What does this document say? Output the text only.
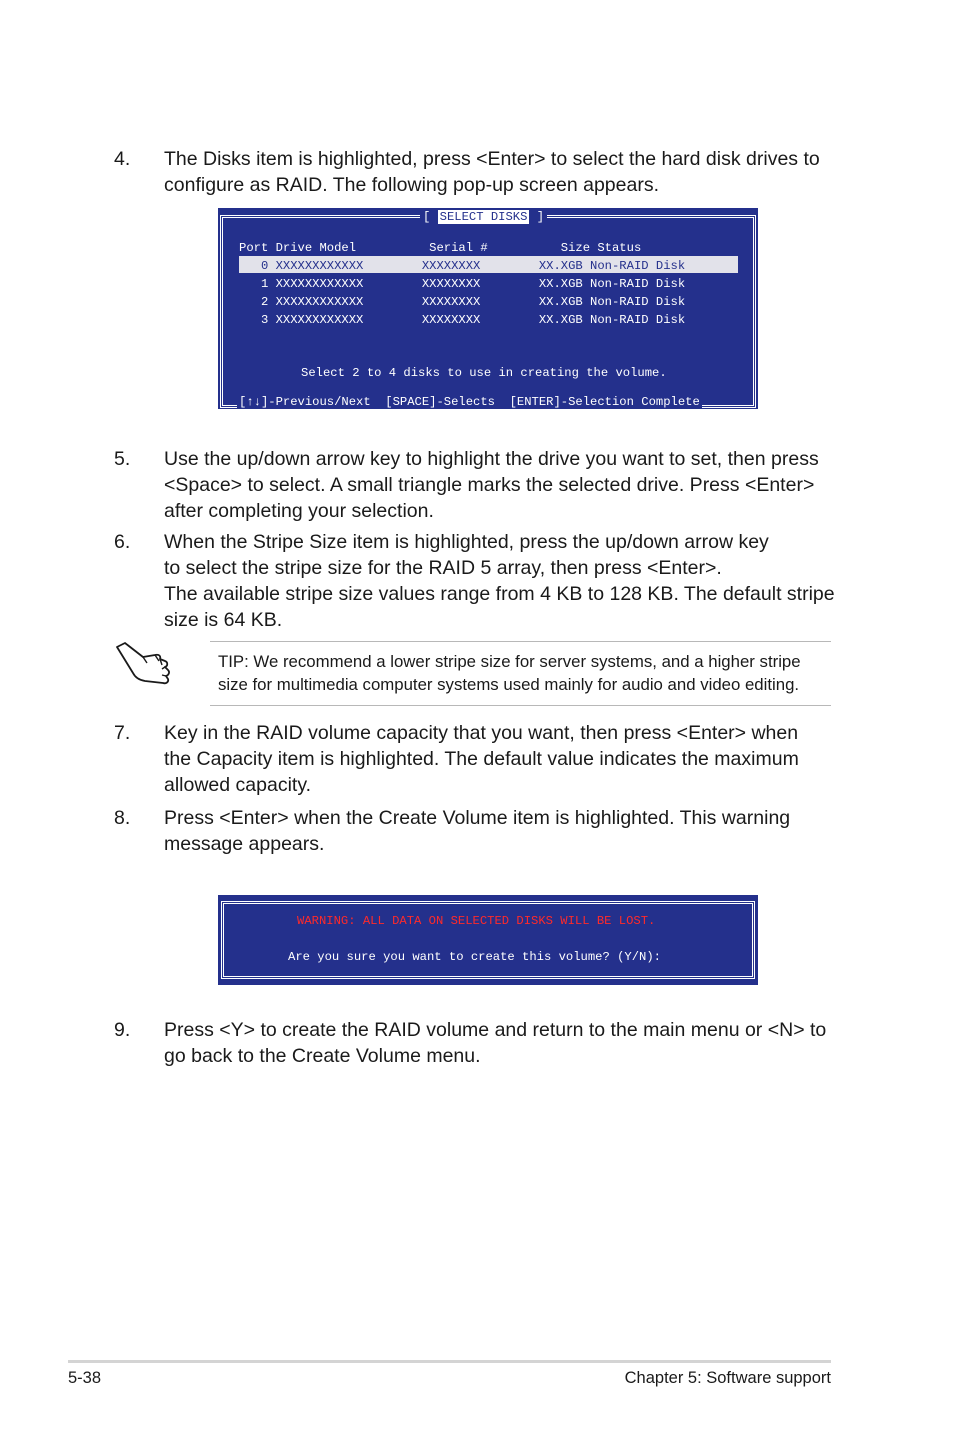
4. The Disks item is highlighted, press <Enter> to select the hard disk drives to
configure as RAID. The following pop-up screen appears.
[ SELECT DISKS ]
Port Drive Model          Serial #          Size Status
0 XXXXXXXXXXXX        XXXXXXXX        XX.XGB Non-RAID Disk
1 XXXXXXXXXXXX        XXXXXXXX        XX.XGB Non-RAID Disk
2 XXXXXXXXXXXX        XXXXXXXX        XX.XGB Non-RAID Disk
3 XXXXXXXXXXXX        XXXXXXXX        XX.XGB Non-RAID Disk
Select 2 to 4 disks to use in creating the volume.
[↑↓]-Previous/Next  [SPACE]-Selects  [ENTER]-Selection Complete
5. Use the up/down arrow key to highlight the drive you want to set, then press
<Space> to select. A small triangle marks the selected drive. Press <Enter>
after completing your selection.
6. When the Stripe Size item is highlighted, press the up/down arrow key
to select the stripe size for the RAID 5 array, then press <Enter>.
The available stripe size values range from 4 KB to 128 KB. The default stripe
size is 64 KB.
TIP: We recommend a lower stripe size for server systems, and a higher stripe
size for multimedia computer systems used mainly for audio and video editing.
7. Key in the RAID volume capacity that you want, then press <Enter> when
the Capacity item is highlighted. The default value indicates the maximum
allowed capacity.
8. Press <Enter> when the Create Volume item is highlighted. This warning
message appears.
WARNING: ALL DATA ON SELECTED DISKS WILL BE LOST.
Are you sure you want to create this volume? (Y/N):
9. Press <Y> to create the RAID volume and return to the main menu or <N> to
go back to the Create Volume menu.
5-38	Chapter 5: Software support
